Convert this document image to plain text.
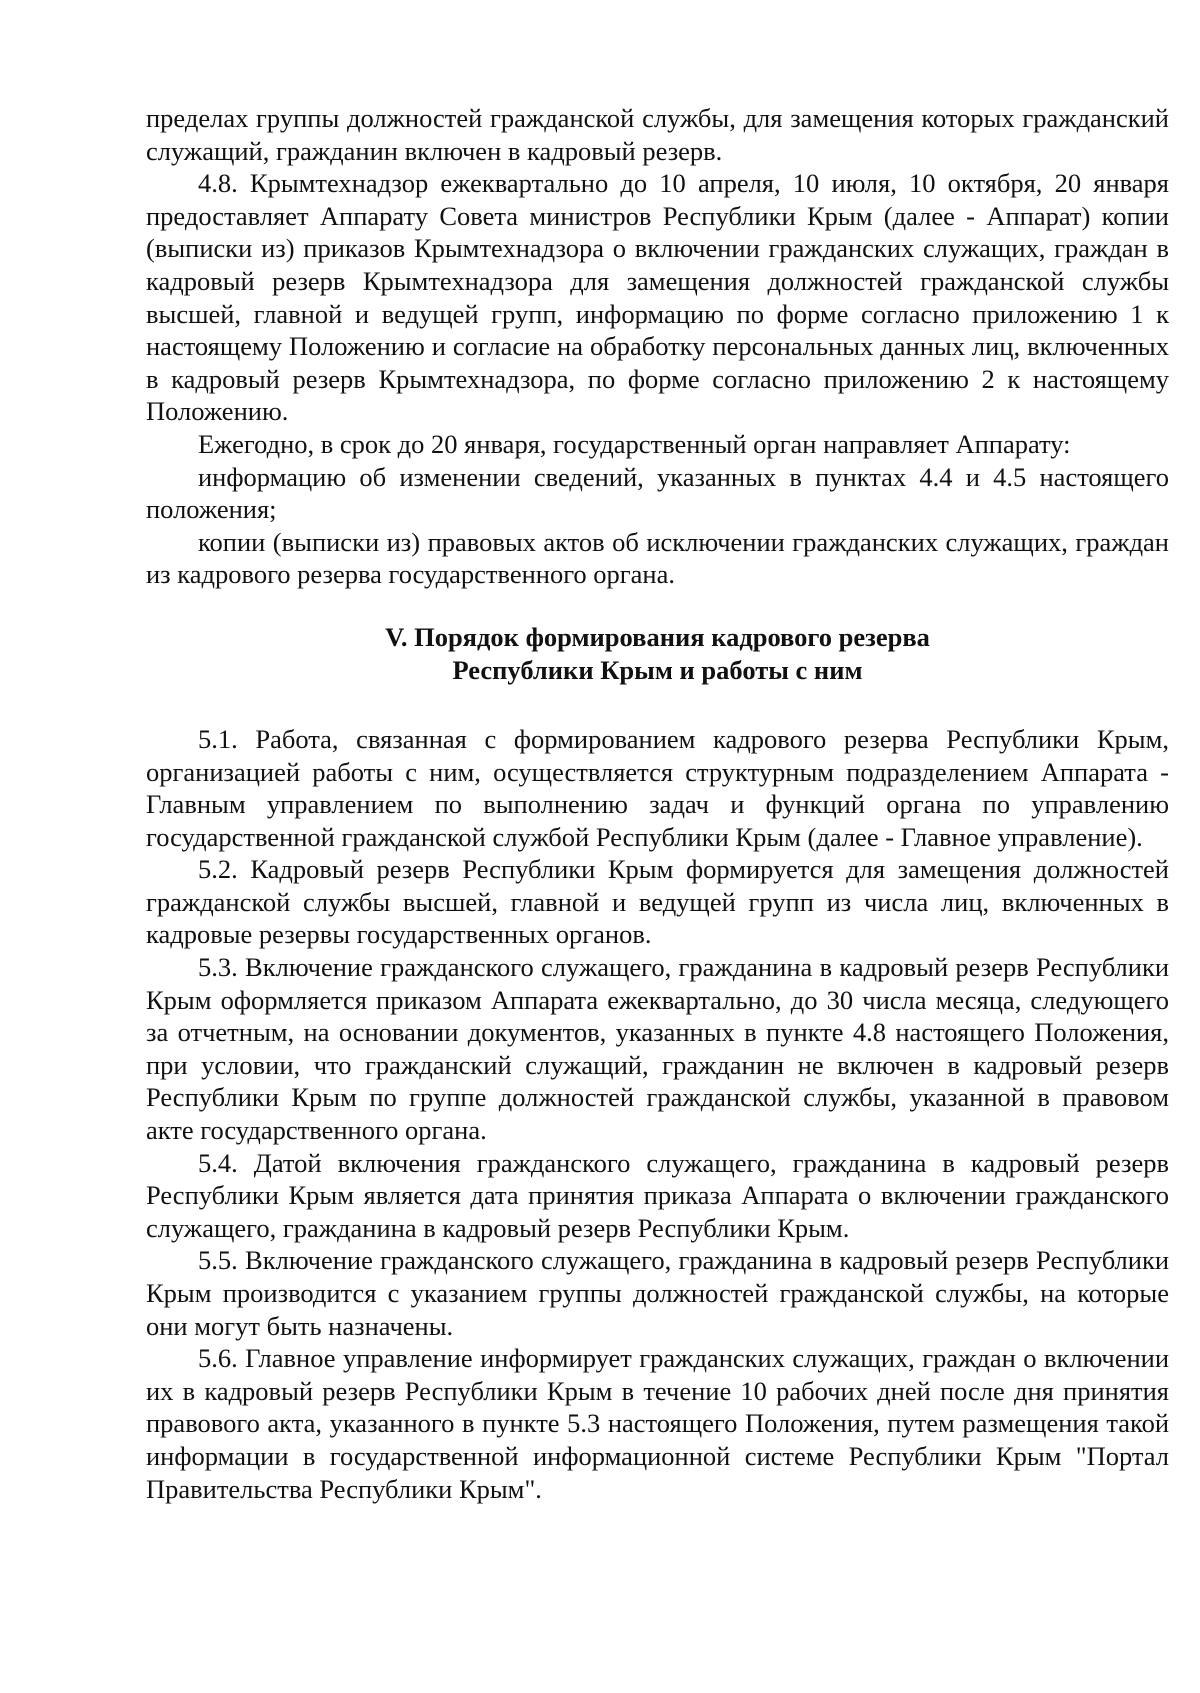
пределах группы должностей гражданской службы, для замещения которых гражданский служащий, гражданин включен в кадровый резерв.

4.8. Крымтехнадзор ежеквартально до 10 апреля, 10 июля, 10 октября, 20 января предоставляет Аппарату Совета министров Республики Крым (далее - Аппарат) копии (выписки из) приказов Крымтехнадзора о включении гражданских служащих, граждан в кадровый резерв Крымтехнадзора для замещения должностей гражданской службы высшей, главной и ведущей групп, информацию по форме согласно приложению 1 к настоящему Положению и согласие на обработку персональных данных лиц, включенных в кадровый резерв Крымтехнадзора, по форме согласно приложению 2 к настоящему Положению.

Ежегодно, в срок до 20 января, государственный орган направляет Аппарату:

информацию об изменении сведений, указанных в пунктах 4.4 и 4.5 настоящего положения;

копии (выписки из) правовых актов об исключении гражданских служащих, граждан из кадрового резерва государственного органа.

V. Порядок формирования кадрового резерва
Республики Крым и работы с ним

5.1. Работа, связанная с формированием кадрового резерва Республики Крым, организацией работы с ним, осуществляется структурным подразделением Аппарата - Главным управлением по выполнению задач и функций органа по управлению государственной гражданской службой Республики Крым (далее - Главное управление).

5.2. Кадровый резерв Республики Крым формируется для замещения должностей гражданской службы высшей, главной и ведущей групп из числа лиц, включенных в кадровые резервы государственных органов.

5.3. Включение гражданского служащего, гражданина в кадровый резерв Республики Крым оформляется приказом Аппарата ежеквартально, до 30 числа месяца, следующего за отчетным, на основании документов, указанных в пункте 4.8 настоящего Положения, при условии, что гражданский служащий, гражданин не включен в кадровый резерв Республики Крым по группе должностей гражданской службы, указанной в правовом акте государственного органа.

5.4. Датой включения гражданского служащего, гражданина в кадровый резерв Республики Крым является дата принятия приказа Аппарата о включении гражданского служащего, гражданина в кадровый резерв Республики Крым.

5.5. Включение гражданского служащего, гражданина в кадровый резерв Республики Крым производится с указанием группы должностей гражданской службы, на которые они могут быть назначены.

5.6. Главное управление информирует гражданских служащих, граждан о включении их в кадровый резерв Республики Крым в течение 10 рабочих дней после дня принятия правового акта, указанного в пункте 5.3 настоящего Положения, путем размещения такой информации в государственной информационной системе Республики Крым "Портал Правительства Республики Крым".
